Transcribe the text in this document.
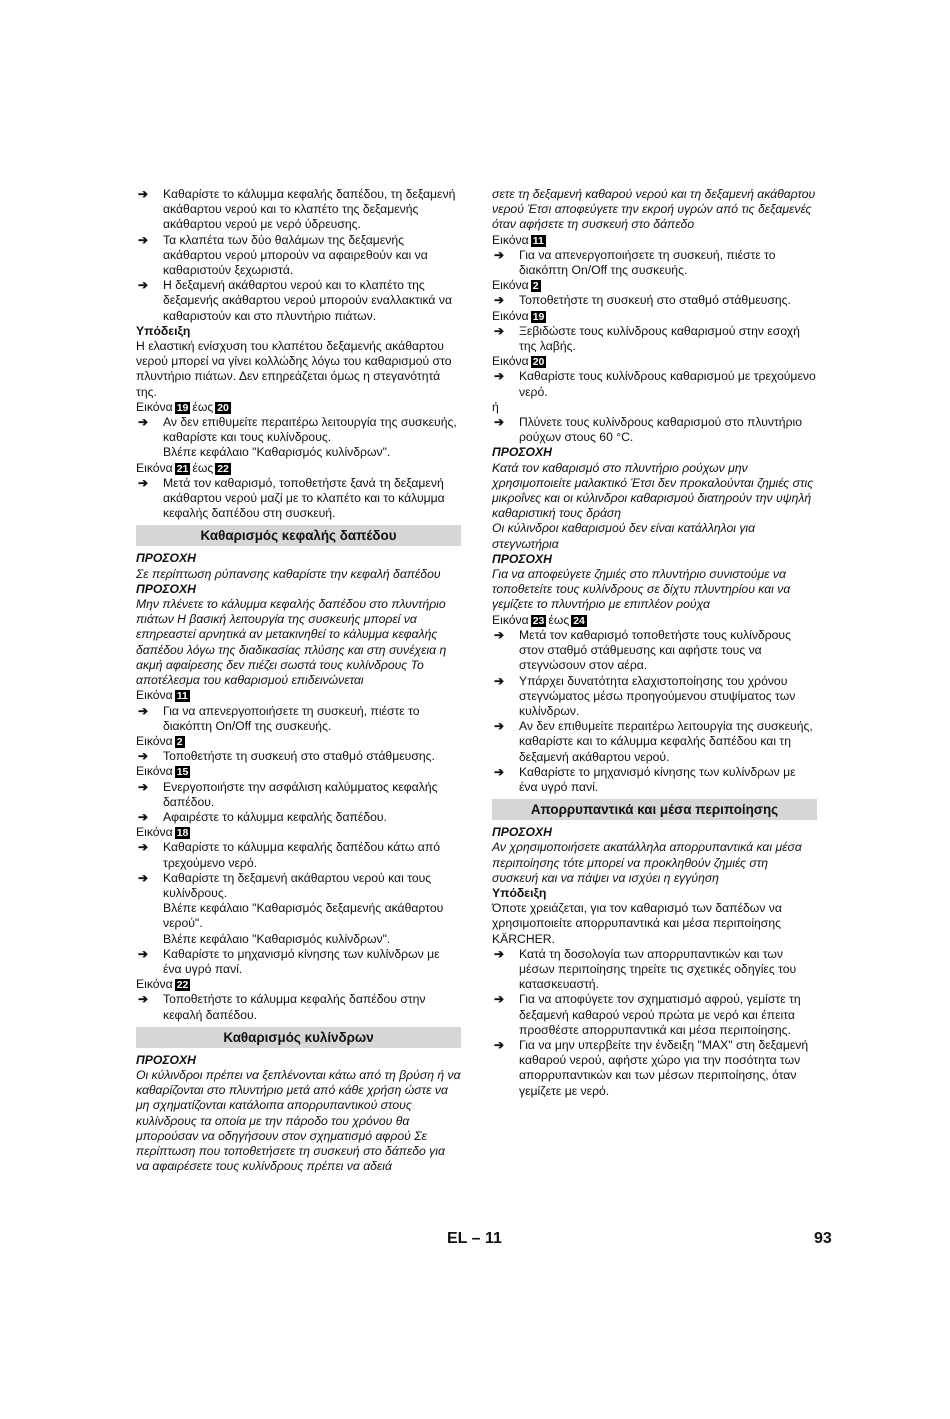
➔ Καθαρίστε το κάλυμμα κεφαλής δαπέδου, τη δεξαμενή ακάθαρτου νερού και το κλαπέτο της δεξαμενής ακάθαρτου νερού με νερό ύδρευσης.
➔ Τα κλαπέτα των δύο θαλάμων της δεξαμενής ακάθαρτου νερού μπορούν να αφαιρεθούν και να καθαριστούν ξεχωριστά.
➔ Η δεξαμενή ακάθαρτου νερού και το κλαπέτο της δεξαμενής ακάθαρτου νερού μπορούν εναλλακτικά να καθαριστούν και στο πλυντήριο πιάτων.
Υπόδειξη
Η ελαστική ενίσχυση του κλαπέτου δεξαμενής ακάθαρτου νερού μπορεί να γίνει κολλώδης λόγω του καθαρισμού στο πλυντήριο πιάτων. Δεν επηρεάζεται όμως η στεγανότητά της.
Εικόνα 19 έως 20
➔ Αν δεν επιθυμείτε περαιτέρω λειτουργία της συσκευής, καθαρίστε και τους κυλίνδρους.
Βλέπε κεφάλαιο "Καθαρισμός κυλίνδρων".
Εικόνα 21 έως 22
➔ Μετά τον καθαρισμό, τοποθετήστε ξανά τη δεξαμενή ακάθαρτου νερού μαζί με το κλαπέτο και το κάλυμμα κεφαλής δαπέδου στη συσκευή.
Καθαρισμός κεφαλής δαπέδου
ΠΡΟΣΟΧΗ
Σε περίπτωση ρύπανσης καθαρίστε την κεφαλή δαπέδου
ΠΡΟΣΟΧΗ
Μην πλένετε το κάλυμμα κεφαλής δαπέδου στο πλυντήριο πιάτων Η βασική λειτουργία της συσκευής μπορεί να επηρεαστεί αρνητικά αν μετακινηθεί το κάλυμμα κεφαλής δαπέδου λόγω της διαδικασίας πλύσης και στη συνέχεια η ακμή αφαίρεσης δεν πιέζει σωστά τους κυλίνδρους Το αποτέλεσμα του καθαρισμού επιδεινώνεται
Εικόνα 11
➔ Για να απενεργοποιήσετε τη συσκευή, πιέστε το διακόπτη On/Off της συσκευής.
Εικόνα 2
➔ Τοποθετήστε τη συσκευή στο σταθμό στάθμευσης.
Εικόνα 15
➔ Ενεργοποιήστε την ασφάλιση καλύμματος κεφαλής δαπέδου.
➔ Αφαιρέστε το κάλυμμα κεφαλής δαπέδου.
Εικόνα 18
➔ Καθαρίστε το κάλυμμα κεφαλής δαπέδου κάτω από τρεχούμενο νερό.
➔ Καθαρίστε τη δεξαμενή ακάθαρτου νερού και τους κυλίνδρους.
Βλέπε κεφάλαιο "Καθαρισμός δεξαμενής ακάθαρτου νερού".
Βλέπε κεφάλαιο "Καθαρισμός κυλίνδρων".
➔ Καθαρίστε το μηχανισμό κίνησης των κυλίνδρων με ένα υγρό πανί.
Εικόνα 22
➔ Τοποθετήστε το κάλυμμα κεφαλής δαπέδου στην κεφαλή δαπέδου.
Καθαρισμός κυλίνδρων
ΠΡΟΣΟΧΗ
Οι κύλινδροι πρέπει να ξεπλένονται κάτω από τη βρύση ή να καθαρίζονται στο πλυντήριο μετά από κάθε χρήση ώστε να μη σχηματίζονται κατάλοιπα απορρυπαντικού στους κυλίνδρους τα οποία με την πάροδο του χρόνου θα μπορούσαν να οδηγήσουν στον σχηματισμό αφρού Σε περίπτωση που τοποθετήσετε τη συσκευή στο δάπεδο για να αφαιρέσετε τους κυλίνδρους πρέπει να αδειά
σετε τη δεξαμενή καθαρού νερού και τη δεξαμενή ακάθαρτου νερού Έτσι αποφεύγετε την εκροή υγρών από τις δεξαμενές όταν αφήσετε τη συσκευή στο δάπεδο
Εικόνα 11
➔ Για να απενεργοποιήσετε τη συσκευή, πιέστε το διακόπτη On/Off της συσκευής.
Εικόνα 2
➔ Τοποθετήστε τη συσκευή στο σταθμό στάθμευσης.
Εικόνα 19
➔ Ξεβιδώστε τους κυλίνδρους καθαρισμού στην εσοχή της λαβής.
Εικόνα 20
➔ Καθαρίστε τους κυλίνδρους καθαρισμού με τρεχούμενο νερό.
ή
➔ Πλύνετε τους κυλίνδρους καθαρισμού στο πλυντήριο ρούχων στους 60 °C.
ΠΡΟΣΟΧΗ
Κατά τον καθαρισμό στο πλυντήριο ρούχων μην χρησιμοποιείτε μαλακτικό Έτσι δεν προκαλούνται ζημιές στις μικροΐνες και οι κύλινδροι καθαρισμού διατηρούν την υψηλή καθαριστική τους δράση
Οι κύλινδροι καθαρισμού δεν είναι κατάλληλοι για στεγνωτήρια
ΠΡΟΣΟΧΗ
Για να αποφεύγετε ζημιές στο πλυντήριο συνιστούμε να τοποθετείτε τους κυλίνδρους σε δίχτυ πλυντηρίου και να γεμίζετε το πλυντήριο με επιπλέον ρούχα
Εικόνα 23 έως 24
➔ Μετά τον καθαρισμό τοποθετήστε τους κυλίνδρους στον σταθμό στάθμευσης και αφήστε τους να στεγνώσουν στον αέρα.
➔ Υπάρχει δυνατότητα ελαχιστοποίησης του χρόνου στεγνώματος μέσω προηγούμενου στυψίματος των κυλίνδρων.
➔ Αν δεν επιθυμείτε περαιτέρω λειτουργία της συσκευής, καθαρίστε και το κάλυμμα κεφαλής δαπέδου και τη δεξαμενή ακάθαρτου νερού.
➔ Καθαρίστε το μηχανισμό κίνησης των κυλίνδρων με ένα υγρό πανί.
Απορρυπαντικά και μέσα περιποίησης
ΠΡΟΣΟΧΗ
Αν χρησιμοποιήσετε ακατάλληλα απορρυπαντικά και μέσα περιποίησης τότε μπορεί να προκληθούν ζημιές στη συσκευή και να πάψει να ισχύει η εγγύηση
Υπόδειξη
Όποτε χρειάζεται, για τον καθαρισμό των δαπέδων να χρησιμοποιείτε απορρυπαντικά και μέσα περιποίησης KÄRCHER.
➔ Κατά τη δοσολογία των απορρυπαντικών και των μέσων περιποίησης τηρείτε τις σχετικές οδηγίες του κατασκευαστή.
➔ Για να αποφύγετε τον σχηματισμό αφρού, γεμίστε τη δεξαμενή καθαρού νερού πρώτα με νερό και έπειτα προσθέστε απορρυπαντικά και μέσα περιποίησης.
➔ Για να μην υπερβείτε την ένδειξη "MAX" στη δεξαμενή καθαρού νερού, αφήστε χώρο για την ποσότητα των απορρυπαντικών και των μέσων περιποίησης, όταν γεμίζετε με νερό.
EL – 11	93
